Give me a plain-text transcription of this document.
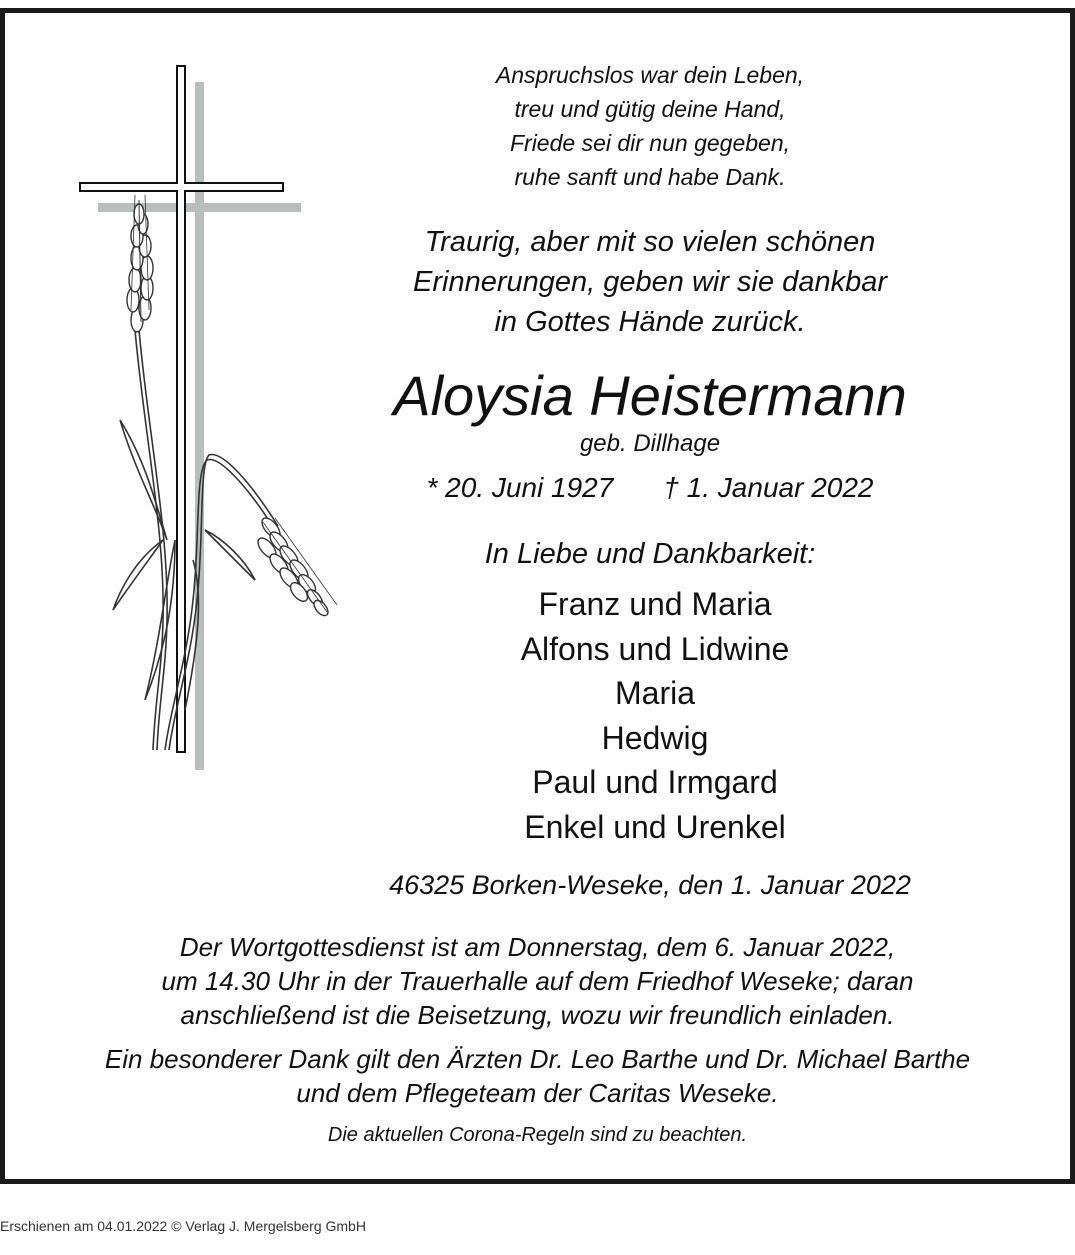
Anspruchslos war dein Leben,
treu und gütig deine Hand,
Friede sei dir nun gegeben,
ruhe sanft und habe Dank.
Traurig, aber mit so vielen schönen
Erinnerungen, geben wir sie dankbar
in Gottes Hände zurück.
Aloysia Heistermann
geb. Dillhage
* 20. Juni 1927 † 1. Januar 2022
In Liebe und Dankbarkeit:
Franz und Maria
Alfons und Lidwine
Maria
Hedwig
Paul und Irmgard
Enkel und Urenkel
46325 Borken-Weseke, den 1. Januar 2022
Der Wortgottesdienst ist am Donnerstag, dem 6. Januar 2022,
um 14.30 Uhr in der Trauerhalle auf dem Friedhof Weseke; daran
anschließend ist die Beisetzung, wozu wir freundlich einladen.
Ein besonderer Dank gilt den Ärzten Dr. Leo Barthe und Dr. Michael Barthe
und dem Pflegeteam der Caritas Weseke.
Die aktuellen Corona-Regeln sind zu beachten.

Erschienen am 04.01.2022 © Verlag J. Mergelsberg GmbH
